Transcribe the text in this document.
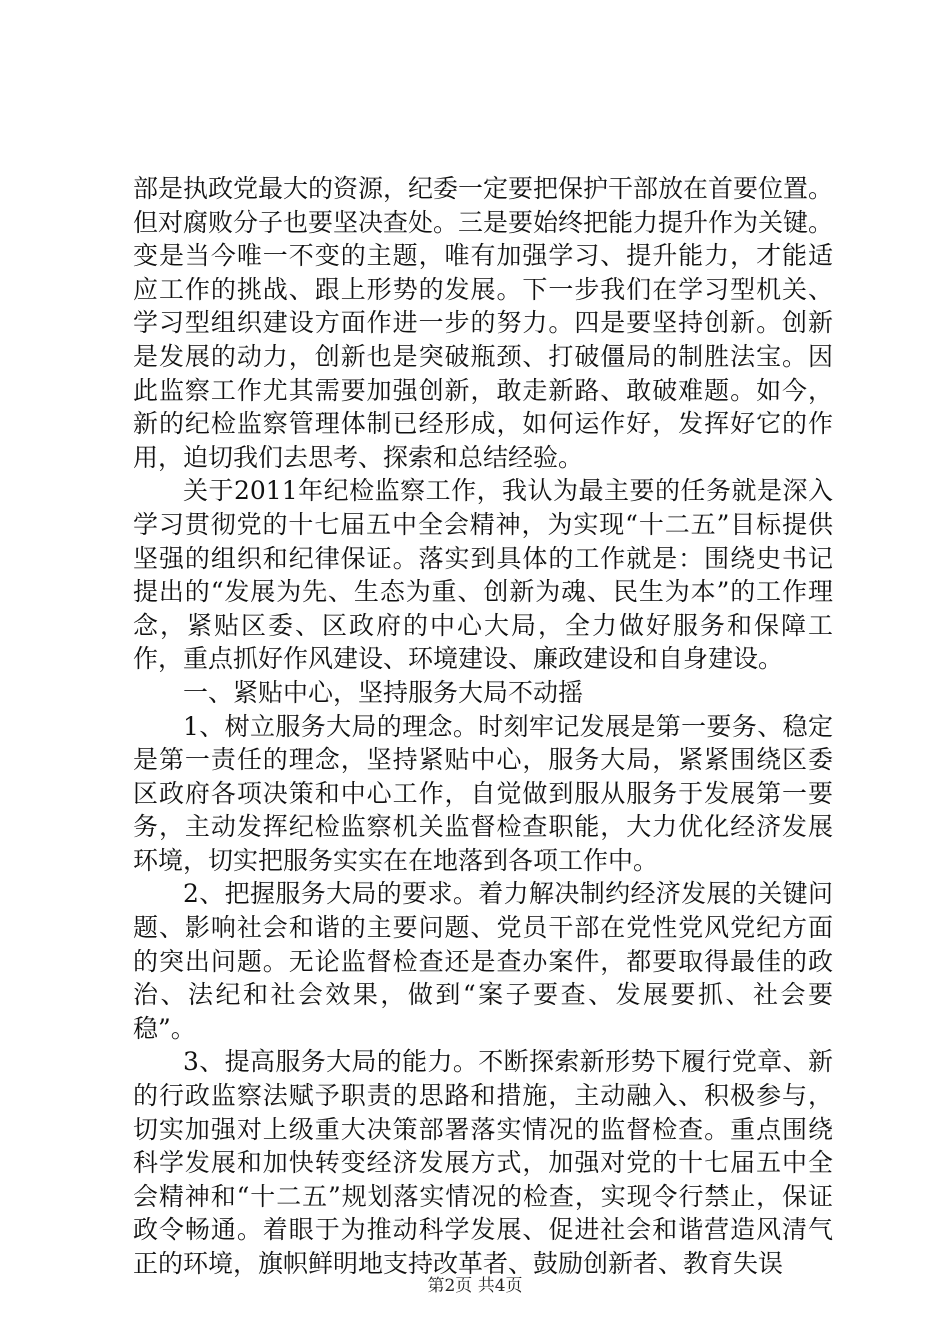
部是执政党最大的资源，纪委一定要把保护干部放在首要位置。但对腐败分子也要坚决查处。三是要始终把能力提升作为关键。变是当今唯一不变的主题，唯有加强学习、提升能力，才能适应工作的挑战、跟上形势的发展。下一步我们在学习型机关、学习型组织建设方面作进一步的努力。四是要坚持创新。创新是发展的动力，创新也是突破瓶颈、打破僵局的制胜法宝。因此监察工作尤其需要加强创新，敢走新路、敢破难题。如今，新的纪检监察管理体制已经形成，如何运作好，发挥好它的作用，迫切我们去思考、探索和总结经验。

关于2011年纪检监察工作，我认为最主要的任务就是深入学习贯彻党的十七届五中全会精神，为实现“十二五”目标提供坚强的组织和纪律保证。落实到具体的工作就是：围绕史书记提出的“发展为先、生态为重、创新为魂、民生为本”的工作理念，紧贴区委、区政府的中心大局，全力做好服务和保障工作，重点抓好作风建设、环境建设、廉政建设和自身建设。

一、紧贴中心，坚持服务大局不动摇

1、树立服务大局的理念。时刻牢记发展是第一要务、稳定是第一责任的理念，坚持紧贴中心，服务大局，紧紧围绕区委区政府各项决策和中心工作，自觉做到服从服务于发展第一要务，主动发挥纪检监察机关监督检查职能，大力优化经济发展环境，切实把服务实实在在地落到各项工作中。

2、把握服务大局的要求。着力解决制约经济发展的关键问题、影响社会和谐的主要问题、党员干部在党性党风党纪方面的突出问题。无论监督检查还是查办案件，都要取得最佳的政治、法纪和社会效果，做到“案子要查、发展要抓、社会要稳”。

3、提高服务大局的能力。不断探索新形势下履行党章、新的行政监察法赋予职责的思路和措施，主动融入、积极参与，切实加强对上级重大决策部署落实情况的监督检查。重点围绕科学发展和加快转变经济发展方式，加强对党的十七届五中全会精神和“十二五”规划落实情况的检查，实现令行禁止，保证政令畅通。着眼于为推动科学发展、促进社会和谐营造风清气正的环境，旗帜鲜明地支持改革者、鼓励创新者、教育失误

第2页 共4页
